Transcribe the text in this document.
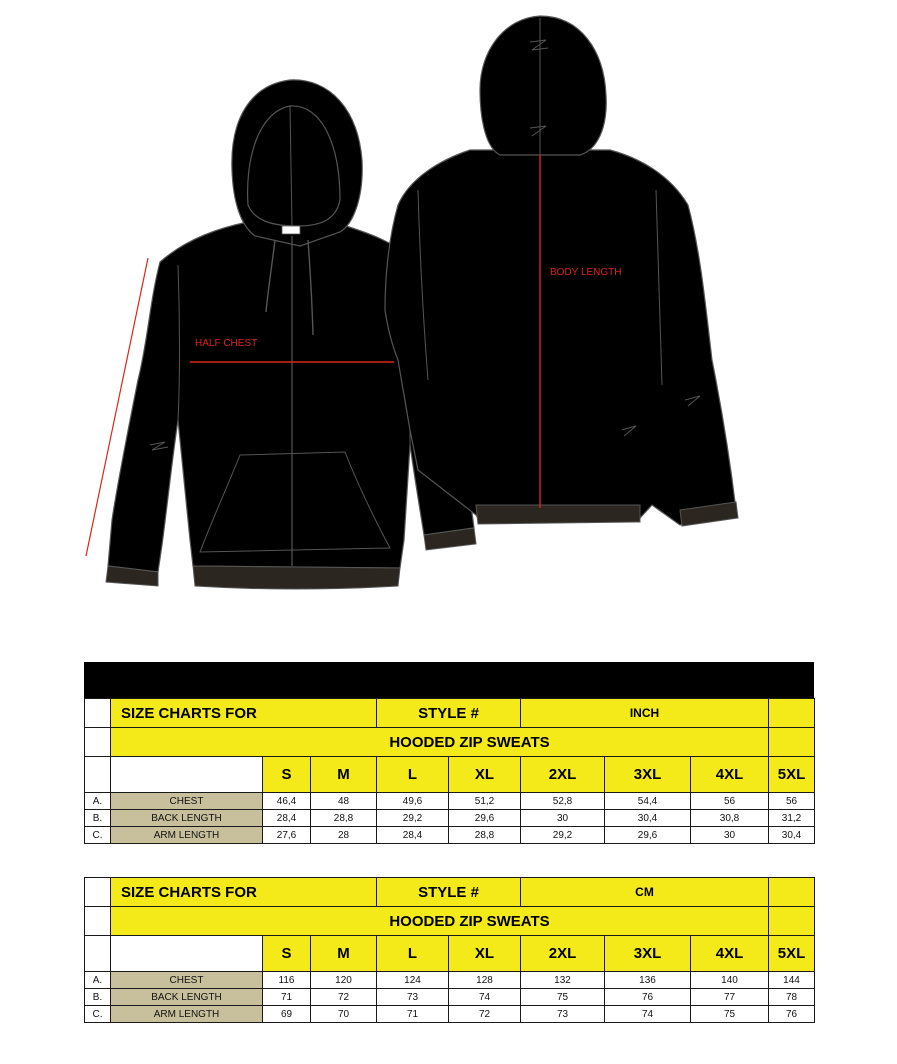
HALF CHEST
BODY LENGTH
	SIZE CHARTS FOR			STYLE #		INCH			
	HOODED ZIP SWEATS								
		S	M	L	XL	2XL	3XL	4XL	5XL
A.	CHEST	46,4	48	49,6	51,2	52,8	54,4	56	56
B.	BACK LENGTH	28,4	28,8	29,2	29,6	30	30,4	30,8	31,2
C.	ARM LENGTH	27,6	28	28,4	28,8	29,2	29,6	30	30,4
	SIZE CHARTS FOR			STYLE #		CM			
	HOODED ZIP SWEATS								
		S	M	L	XL	2XL	3XL	4XL	5XL
A.	CHEST	116	120	124	128	132	136	140	144
B.	BACK LENGTH	71	72	73	74	75	76	77	78
C.	ARM LENGTH	69	70	71	72	73	74	75	76
